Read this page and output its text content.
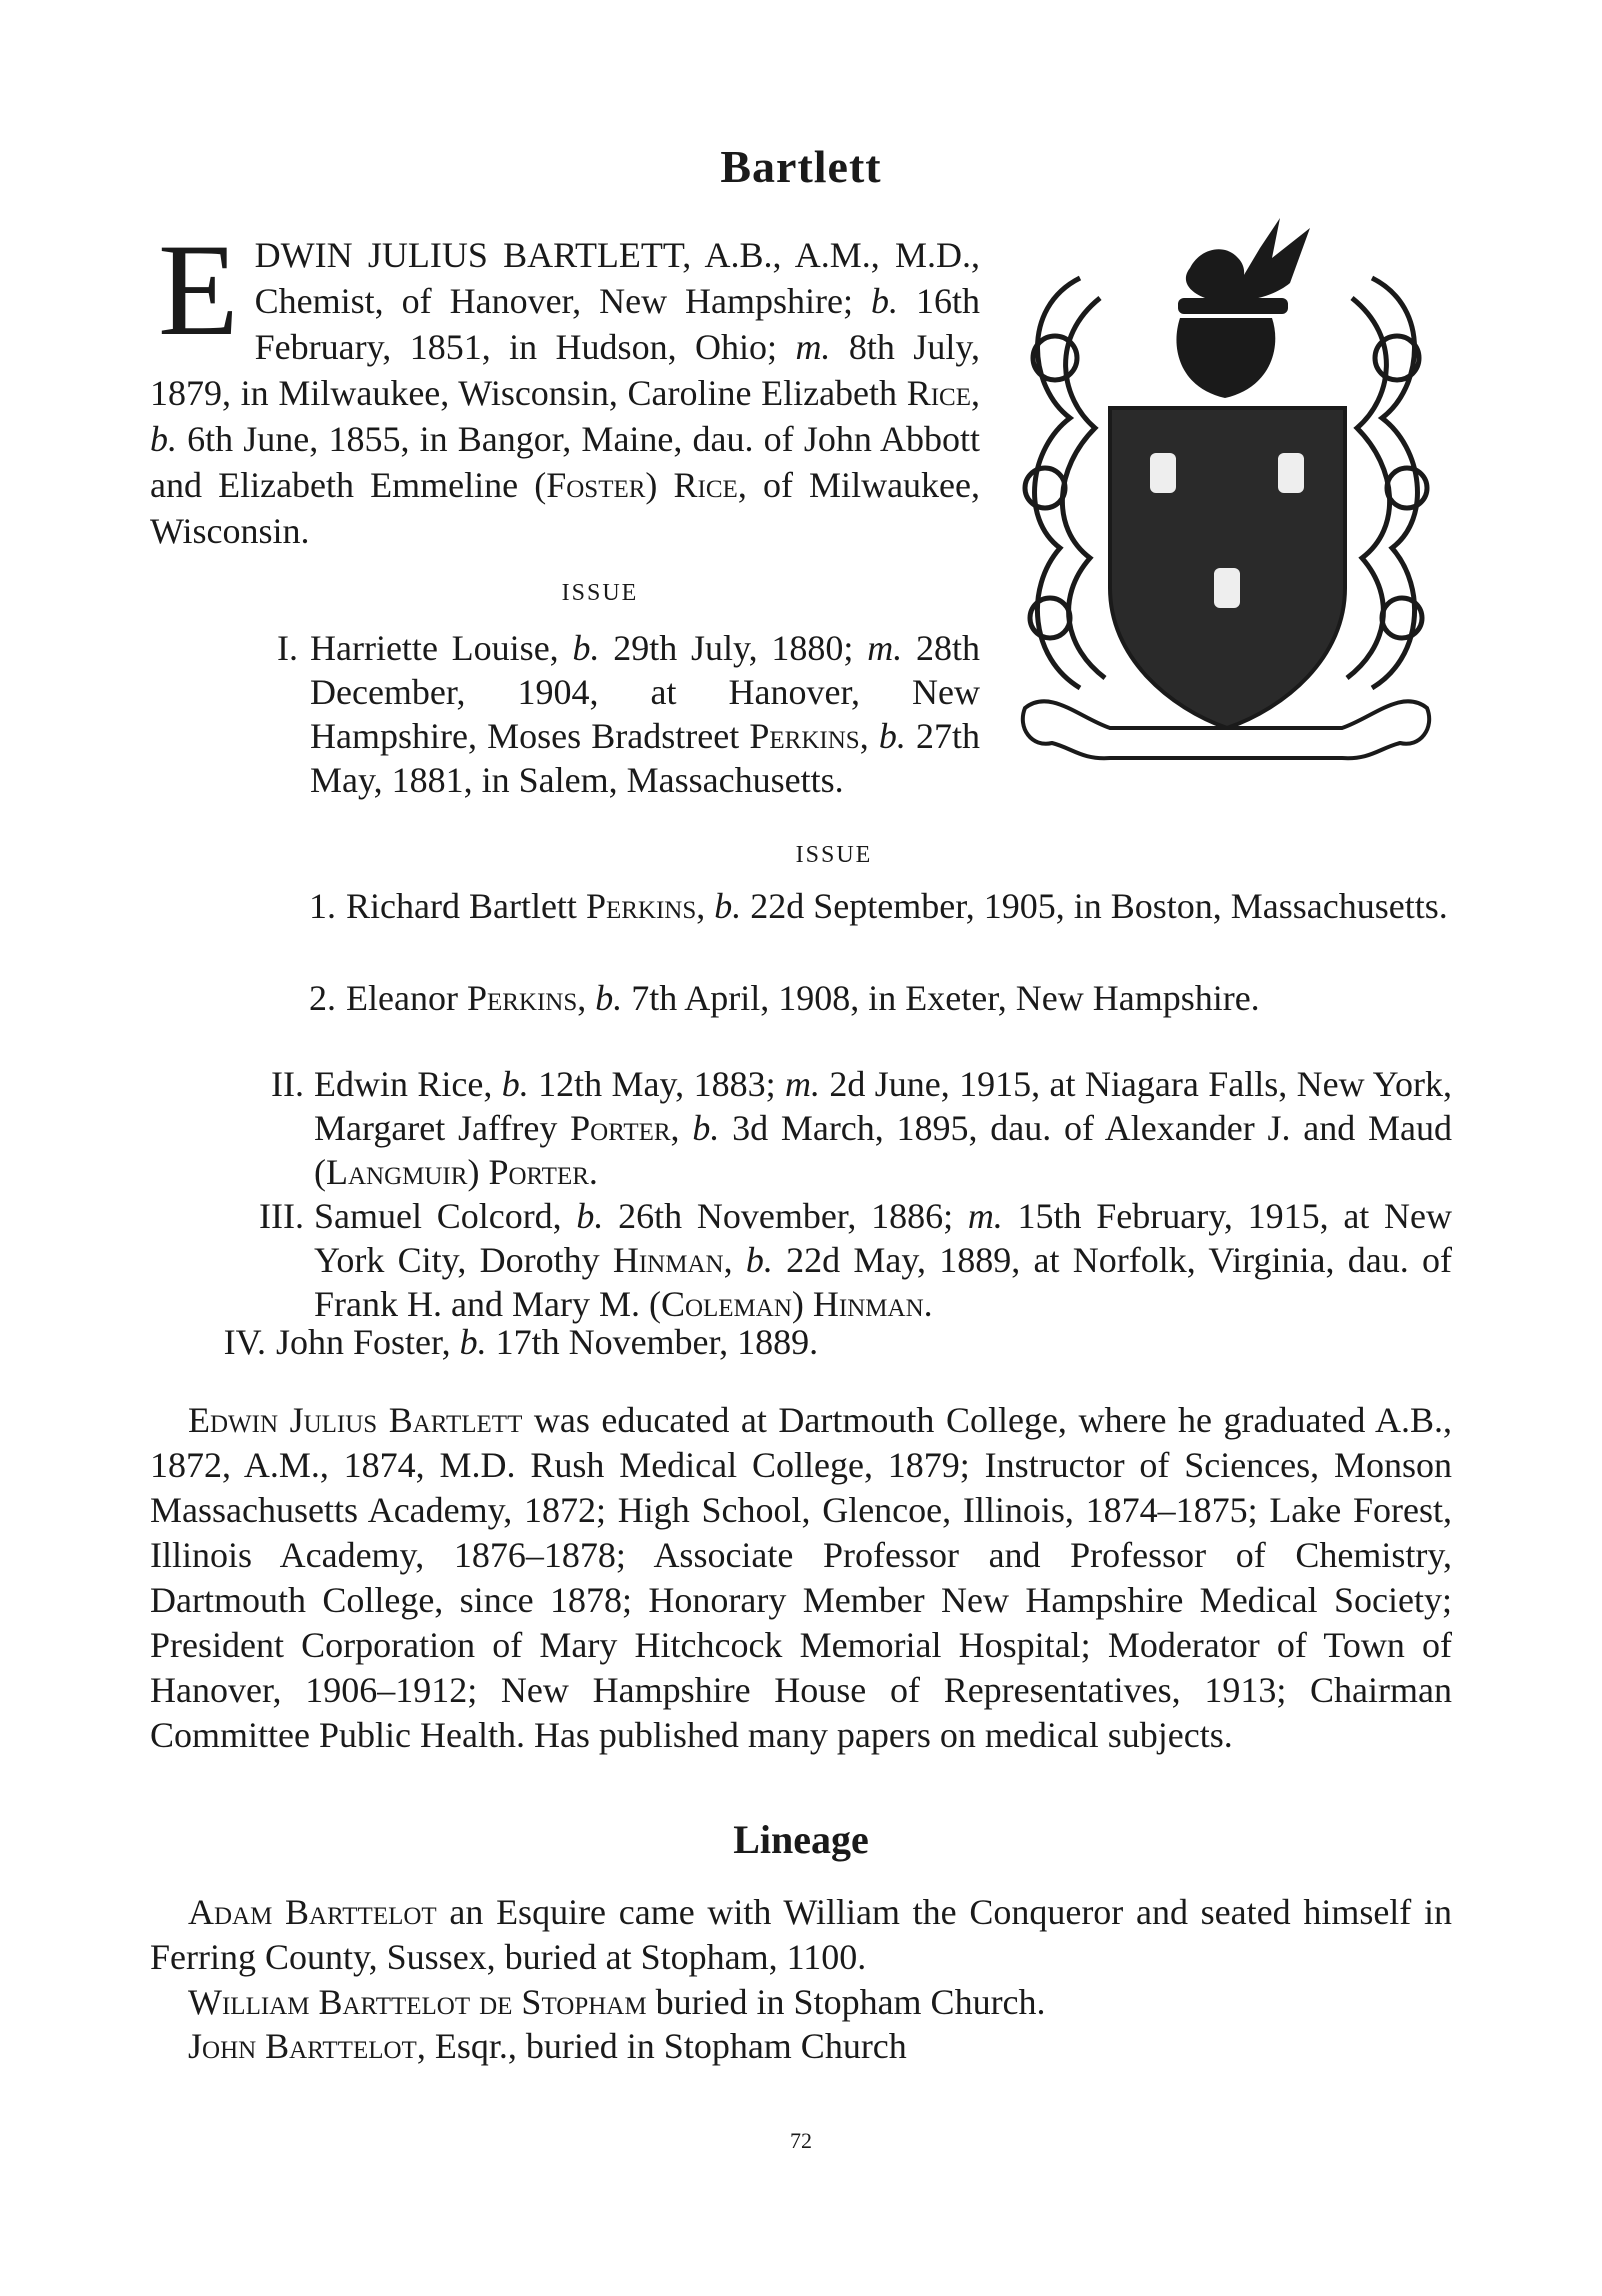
Bartlett
E DWIN JULIUS BARTLETT, A.B., A.M., M.D., Chemist, of Hanover, New Hampshire; b. 16th February, 1851, in Hudson, Ohio; m. 8th July, 1879, in Milwaukee, Wisconsin, Caroline Elizabeth Rice, b. 6th June, 1855, in Bangor, Maine, dau. of John Abbott and Elizabeth Emmeline (Foster) Rice, of Milwaukee, Wisconsin.
ISSUE
I. Harriette Louise, b. 29th July, 1880; m. 28th December, 1904, at Hanover, New Hampshire, Moses Bradstreet Perkins, b. 27th May, 1881, in Salem, Massachusetts.
ISSUE
1. Richard Bartlett Perkins, b. 22d September, 1905, in Boston, Massachusetts.
2. Eleanor Perkins, b. 7th April, 1908, in Exeter, New Hampshire.
II. Edwin Rice, b. 12th May, 1883; m. 2d June, 1915, at Niagara Falls, New York, Margaret Jaffrey Porter, b. 3d March, 1895, dau. of Alexander J. and Maud (Langmuir) Porter.
III. Samuel Colcord, b. 26th November, 1886; m. 15th February, 1915, at New York City, Dorothy Hinman, b. 22d May, 1889, at Norfolk, Virginia, dau. of Frank H. and Mary M. (Coleman) Hinman.
IV. John Foster, b. 17th November, 1889.
Edwin Julius Bartlett was educated at Dartmouth College, where he graduated A.B., 1872, A.M., 1874, M.D. Rush Medical College, 1879; Instructor of Sciences, Monson Massachusetts Academy, 1872; High School, Glencoe, Illinois, 1874–1875; Lake Forest, Illinois Academy, 1876–1878; Associate Professor and Professor of Chemistry, Dartmouth College, since 1878; Honorary Member New Hampshire Medical Society; President Corporation of Mary Hitchcock Memorial Hospital; Moderator of Town of Hanover, 1906–1912; New Hampshire House of Representatives, 1913; Chairman Committee Public Health. Has published many papers on medical subjects.
Lineage
Adam Barttelot an Esquire came with William the Conqueror and seated himself in Ferring County, Sussex, buried at Stopham, 1100.
William Barttelot de Stopham buried in Stopham Church.
John Barttelot, Esqr., buried in Stopham Church
72
